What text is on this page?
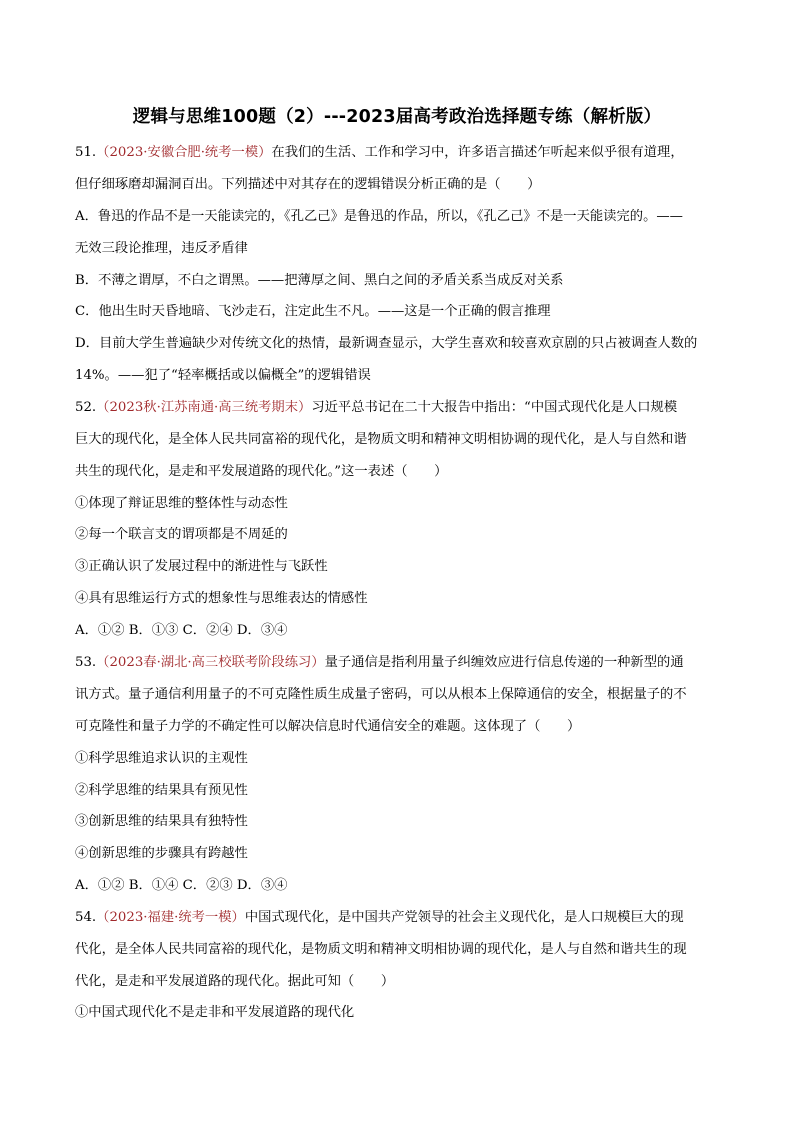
逻辑与思维100题（2）---2023届高考政治选择题专练（解析版）
51.（2023·安徽合肥·统考一模）在我们的生活、工作和学习中，许多语言描述乍听起来似乎很有道理，
但仔细琢磨却漏洞百出。下列描述中对其存在的逻辑错误分析正确的是（　　）
A．鲁迅的作品不是一天能读完的，《孔乙己》是鲁迅的作品，所以，《孔乙己》不是一天能读完的。——
无效三段论推理，违反矛盾律
B．不薄之谓厚，不白之谓黑。——把薄厚之间、黑白之间的矛盾关系当成反对关系
C．他出生时天昏地暗、飞沙走石，注定此生不凡。——这是一个正确的假言推理
D．目前大学生普遍缺少对传统文化的热情，最新调查显示，大学生喜欢和较喜欢京剧的只占被调查人数的
14%。——犯了“轻率概括或以偏概全”的逻辑错误
52.（2023秋·江苏南通·高三统考期末）习近平总书记在二十大报告中指出：“中国式现代化是人口规模
巨大的现代化，是全体人民共同富裕的现代化，是物质文明和精神文明相协调的现代化，是人与自然和谐
共生的现代化，是走和平发展道路的现代化。”这一表述（　　）
①体现了辩证思维的整体性与动态性
②每一个联言支的谓项都是不周延的
③正确认识了发展过程中的渐进性与飞跃性
④具有思维运行方式的想象性与思维表达的情感性
A．①② B．①③ C．②④ D．③④
53.（2023春·湖北·高三校联考阶段练习）量子通信是指利用量子纠缠效应进行信息传递的一种新型的通
讯方式。量子通信利用量子的不可克隆性质生成量子密码，可以从根本上保障通信的安全，根据量子的不
可克隆性和量子力学的不确定性可以解决信息时代通信安全的难题。这体现了（　　）
①科学思维追求认识的主观性
②科学思维的结果具有预见性
③创新思维的结果具有独特性
④创新思维的步骤具有跨越性
A．①② B．①④ C．②③ D．③④
54.（2023·福建·统考一模）中国式现代化，是中国共产党领导的社会主义现代化，是人口规模巨大的现
代化，是全体人民共同富裕的现代化，是物质文明和精神文明相协调的现代化，是人与自然和谐共生的现
代化，是走和平发展道路的现代化。据此可知（　　）
①中国式现代化不是走非和平发展道路的现代化
